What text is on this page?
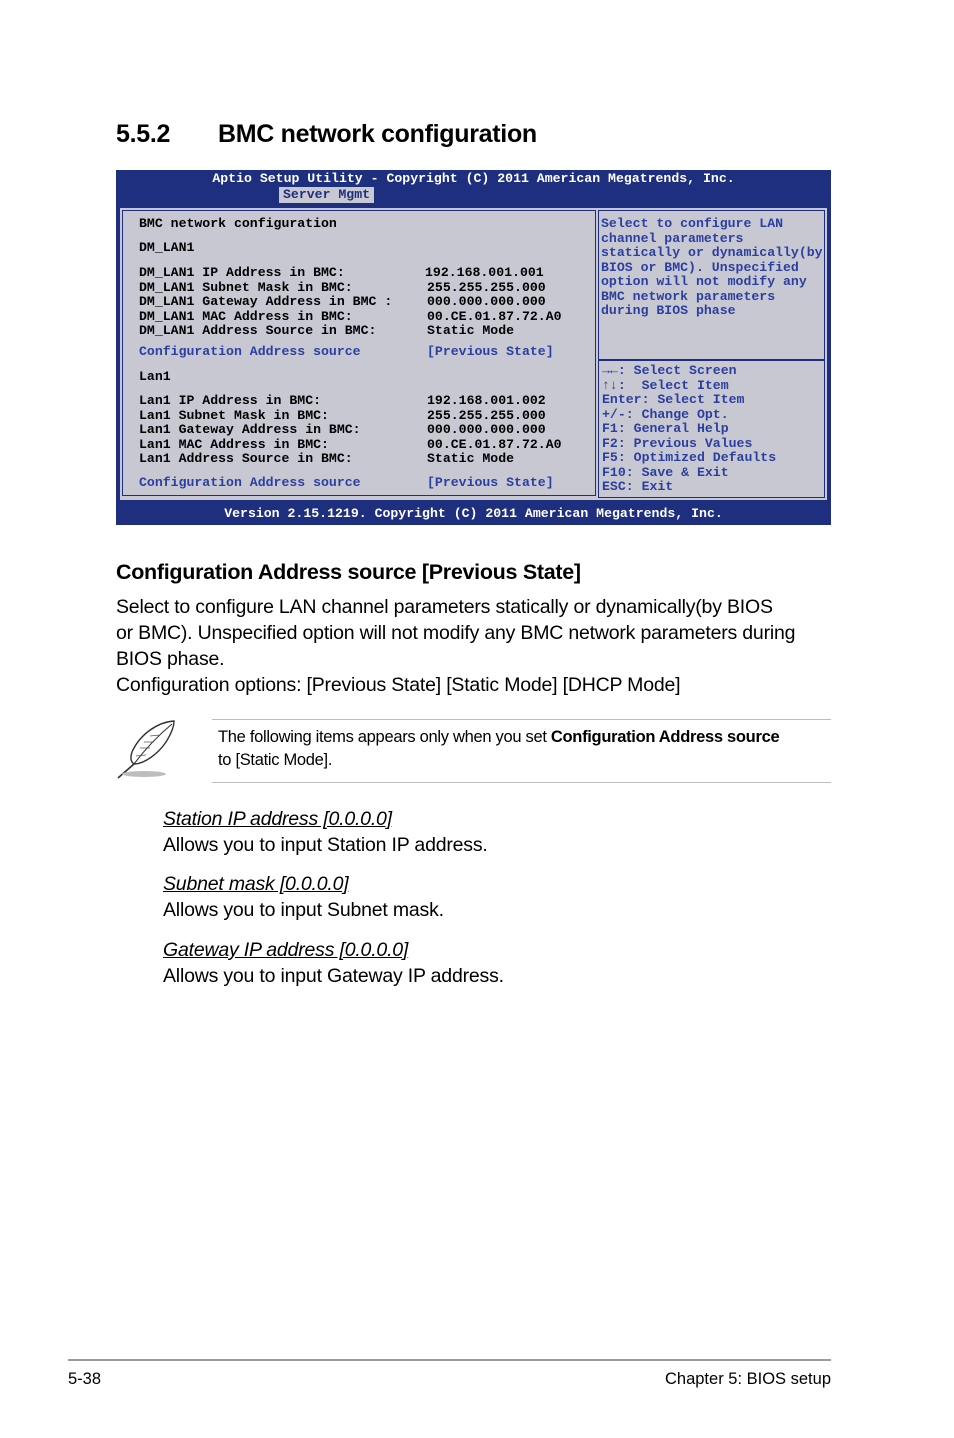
5.5.2 BMC network configuration
Aptio Setup Utility - Copyright (C) 2011 American Megatrends, Inc.
Server Mgmt
BMC network configuration
DM_LAN1
DM_LAN1 IP Address in BMC:	192.168.001.001
DM_LAN1 Subnet Mask in BMC:	255.255.255.000
DM_LAN1 Gateway Address in BMC :	000.000.000.000
DM_LAN1 MAC Address in BMC:	00.CE.01.87.72.A0
DM_LAN1 Address Source in BMC:	Static Mode
Configuration Address source	[Previous State]
Lan1
Lan1 IP Address in BMC:	192.168.001.002
Lan1 Subnet Mask in BMC:	255.255.255.000
Lan1 Gateway Address in BMC:	000.000.000.000
Lan1 MAC Address in BMC:	00.CE.01.87.72.A0
Lan1 Address Source in BMC:	Static Mode
Configuration Address source	[Previous State]
Select to configure LAN
channel parameters
statically or dynamically(by
BIOS or BMC). Unspecified
option will not modify any
BMC network parameters
during BIOS phase
→←: Select Screen
↑↓:  Select Item
Enter: Select Item
+/-: Change Opt.
F1: General Help
F2: Previous Values
F5: Optimized Defaults
F10: Save & Exit
ESC: Exit
Version 2.15.1219. Copyright (C) 2011 American Megatrends, Inc.
Configuration Address source [Previous State]
Select to configure LAN channel parameters statically or dynamically(by BIOS
or BMC). Unspecified option will not modify any BMC network parameters during
BIOS phase.
Configuration options: [Previous State] [Static Mode] [DHCP Mode]
The following items appears only when you set Configuration Address source
to [Static Mode].
Station IP address [0.0.0.0]
Allows you to input Station IP address.
Subnet mask [0.0.0.0]
Allows you to input Subnet mask.
Gateway IP address [0.0.0.0]
Allows you to input Gateway IP address.
5-38	Chapter 5: BIOS setup
